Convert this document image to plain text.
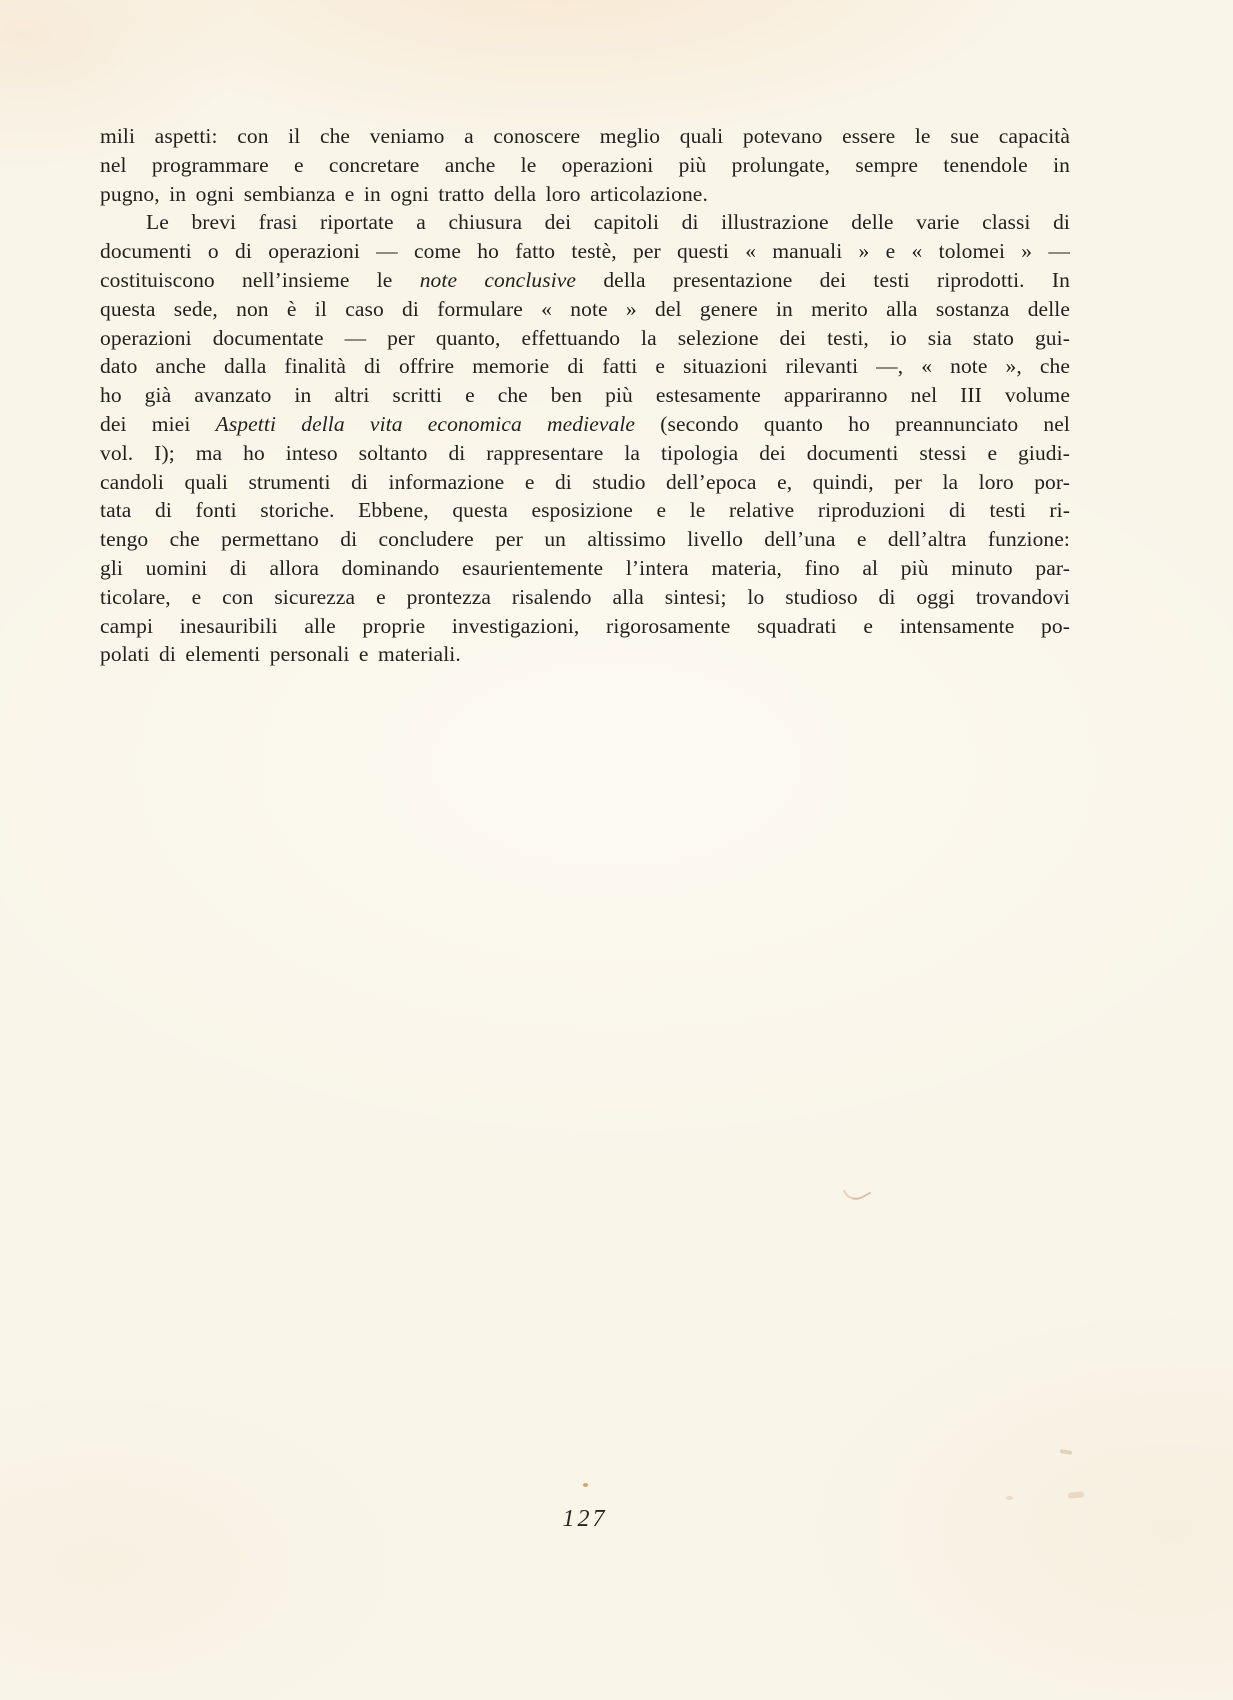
mili aspetti: con il che veniamo a conoscere meglio quali potevano essere le sue capacità
nel programmare e concretare anche le operazioni più prolungate, sempre tenendole in
pugno, in ogni sembianza e in ogni tratto della loro articolazione.
Le brevi frasi riportate a chiusura dei capitoli di illustrazione delle varie classi di
documenti o di operazioni — come ho fatto testè, per questi « manuali » e « tolomei » —
costituiscono nell’insieme le note conclusive della presentazione dei testi riprodotti. In
questa sede, non è il caso di formulare « note » del genere in merito alla sostanza delle
operazioni documentate — per quanto, effettuando la selezione dei testi, io sia stato gui-
dato anche dalla finalità di offrire memorie di fatti e situazioni rilevanti —, « note », che
ho già avanzato in altri scritti e che ben più estesamente appariranno nel III volume
dei miei Aspetti della vita economica medievale (secondo quanto ho preannunciato nel
vol. I); ma ho inteso soltanto di rappresentare la tipologia dei documenti stessi e giudi-
candoli quali strumenti di informazione e di studio dell’epoca e, quindi, per la loro por-
tata di fonti storiche. Ebbene, questa esposizione e le relative riproduzioni di testi ri-
tengo che permettano di concludere per un altissimo livello dell’una e dell’altra funzione:
gli uomini di allora dominando esaurientemente l’intera materia, fino al più minuto par-
ticolare, e con sicurezza e prontezza risalendo alla sintesi; lo studioso di oggi trovandovi
campi inesauribili alle proprie investigazioni, rigorosamente squadrati e intensamente po-
polati di elementi personali e materiali.
127
